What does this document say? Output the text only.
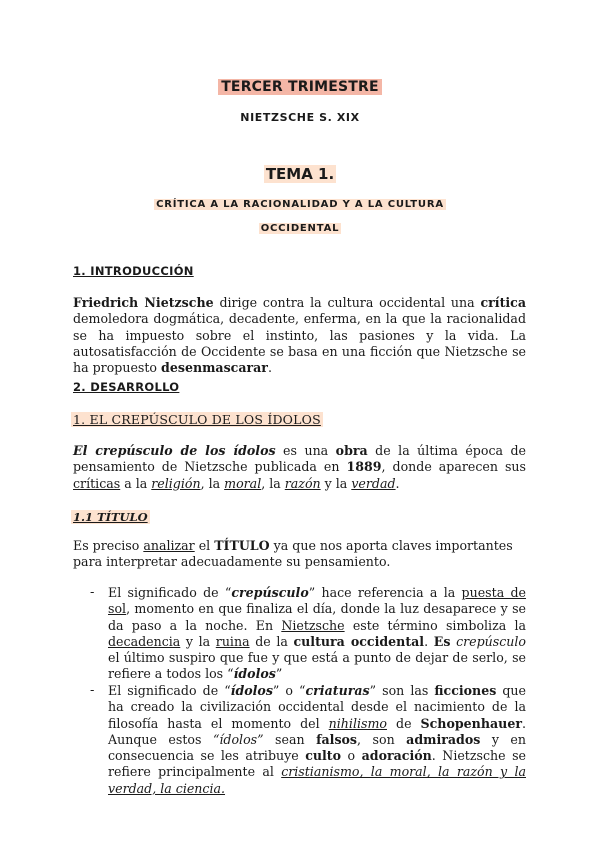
TERCER TRIMESTRE
NIETZSCHE S. XIX
TEMA 1.
CRÍTICA A LA RACIONALIDAD Y A LA CULTURA
OCCIDENTAL
1. INTRODUCCIÓN

Friedrich Nietzsche dirige contra la cultura occidental una crítica demoledora dogmática, decadente, enferma, en la que la racionalidad se ha impuesto sobre el instinto, las pasiones y la vida. La autosatisfacción de Occidente se basa en una ficción que Nietzsche se ha propuesto desenmascarar.

2. DESARROLLO
1. EL CREPÚSCULO DE LOS ÍDOLOS

El crepúsculo de los ídolos es una obra de la última época de pensamiento de Nietzsche publicada en 1889, donde aparecen sus críticas a la religión, la moral, la razón y la verdad.

1.1 TÍTULO

Es preciso analizar el TÍTULO ya que nos aporta claves importantes para interpretar adecuadamente su pensamiento.

- El significado de “crepúsculo” hace referencia a la puesta de sol, momento en que finaliza el día, donde la luz desaparece y se da paso a la noche. En Nietzsche este término simboliza la decadencia y la ruina de la cultura occidental. Es crepúsculo el último suspiro que fue y que está a punto de dejar de serlo, se refiere a todos los “ídolos”

- El significado de “ídolos” o “criaturas” son las ficciones que ha creado la civilización occidental desde el nacimiento de la filosofía hasta el momento del nihilismo de Schopenhauer. Aunque estos “ídolos” sean falsos, son admirados y en consecuencia se les atribuye culto o adoración. Nietzsche se refiere principalmente al cristianismo, la moral, la razón y la verdad, la ciencia.
